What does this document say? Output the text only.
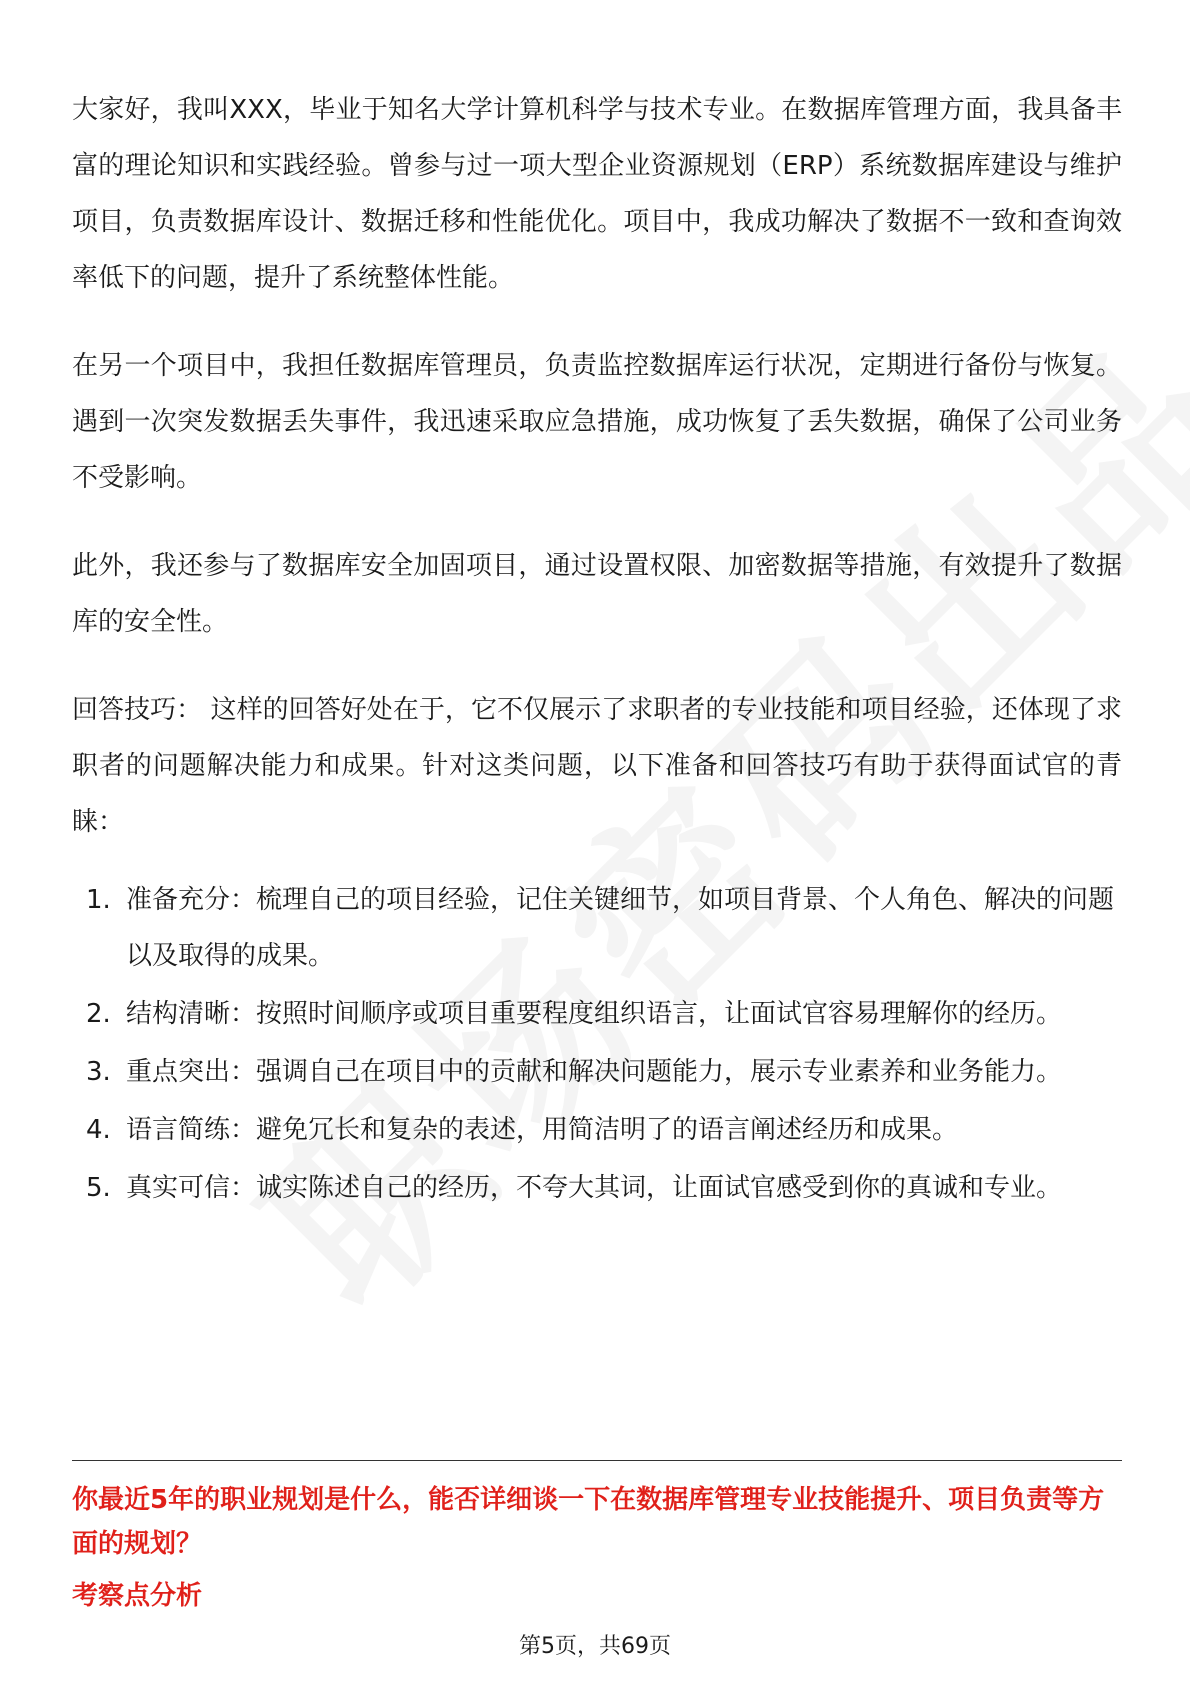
大家好，我叫XXX，毕业于知名大学计算机科学与技术专业。在数据库管理方面，我具备丰富的理论知识和实践经验。曾参与过一项大型企业资源规划（ERP）系统数据库建设与维护项目，负责数据库设计、数据迁移和性能优化。项目中，我成功解决了数据不一致和查询效率低下的问题，提升了系统整体性能。

在另一个项目中，我担任数据库管理员，负责监控数据库运行状况，定期进行备份与恢复。遇到一次突发数据丢失事件，我迅速采取应急措施，成功恢复了丢失数据，确保了公司业务不受影响。

此外，我还参与了数据库安全加固项目，通过设置权限、加密数据等措施，有效提升了数据库的安全性。

回答技巧： 这样的回答好处在于，它不仅展示了求职者的专业技能和项目经验，还体现了求职者的问题解决能力和成果。针对这类问题，以下准备和回答技巧有助于获得面试官的青睐：

1. 准备充分：梳理自己的项目经验，记住关键细节，如项目背景、个人角色、解决的问题以及取得的成果。
2. 结构清晰：按照时间顺序或项目重要程度组织语言，让面试官容易理解你的经历。
3. 重点突出：强调自己在项目中的贡献和解决问题能力，展示专业素养和业务能力。
4. 语言简练：避免冗长和复杂的表述，用简洁明了的语言阐述经历和成果。
5. 真实可信：诚实陈述自己的经历，不夸大其词，让面试官感受到你的真诚和专业。
你最近5年的职业规划是什么，能否详细谈一下在数据库管理专业技能提升、项目负责等方面的规划？
考察点分析
第5页，共69页
